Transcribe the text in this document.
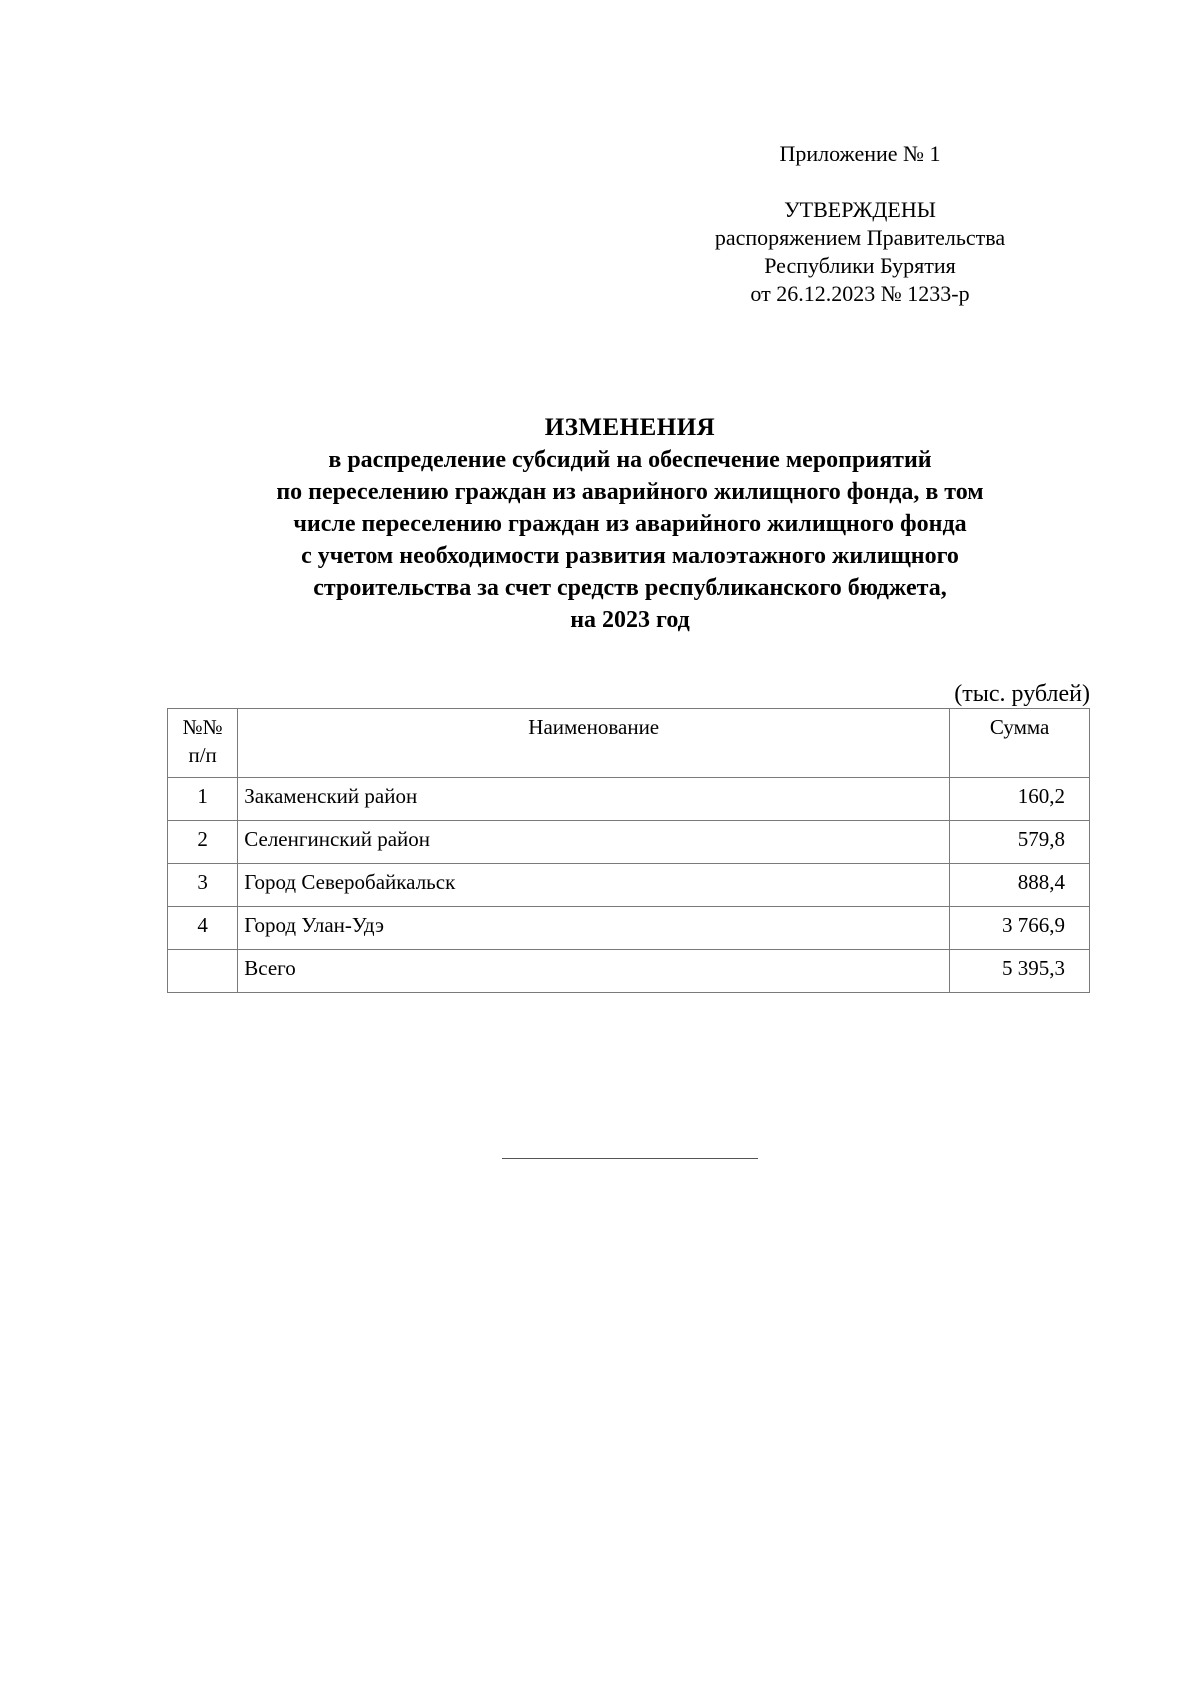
Приложение № 1
УТВЕРЖДЕНЫ
распоряжением Правительства
Республики Бурятия
от 26.12.2023 № 1233-р
ИЗМЕНЕНИЯ
в распределение субсидий на обеспечение мероприятий
по переселению граждан из аварийного жилищного фонда, в том
числе переселению граждан из аварийного жилищного фонда
с учетом необходимости развития малоэтажного жилищного
строительства за счет средств республиканского бюджета,
на 2023 год
(тыс. рублей)
№№
п/п	Наименование	Сумма
1	Закаменский район	160,2
2	Селенгинский район	579,8
3	Город Северобайкальск	888,4
4	Город Улан-Удэ	3 766,9
	Всего	5 395,3
